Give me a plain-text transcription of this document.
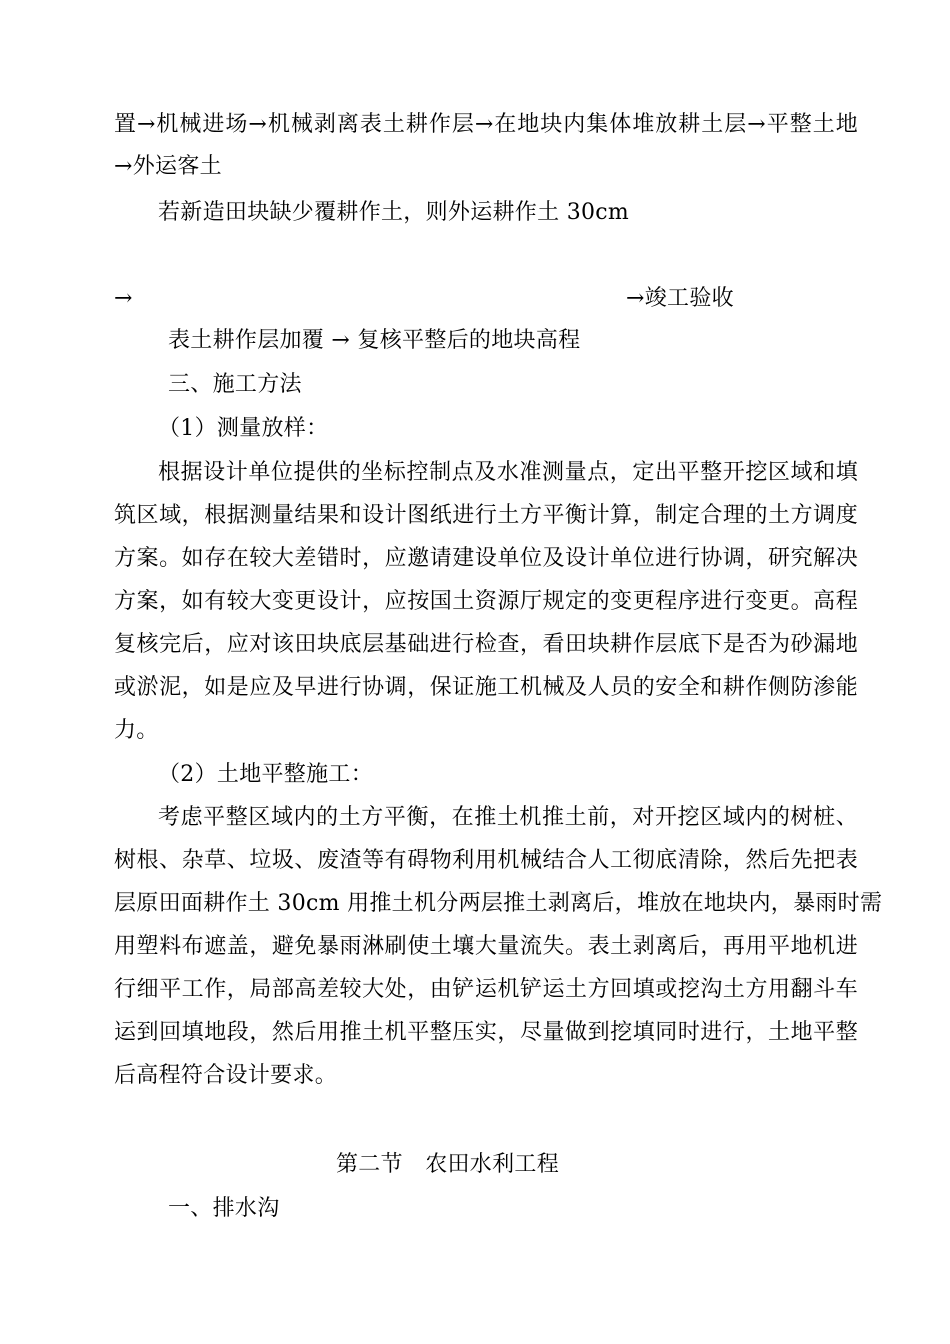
置→机械进场→机械剥离表土耕作层→在地块内集体堆放耕土层→平整土地
→外运客土
若新造田块缺少覆耕作土，则外运耕作土 30cm
→	→竣工验收
表土耕作层加覆 → 复核平整后的地块高程
三、施工方法
（1）测量放样：
根据设计单位提供的坐标控制点及水准测量点，定出平整开挖区域和填
筑区域，根据测量结果和设计图纸进行土方平衡计算，制定合理的土方调度
方案。如存在较大差错时，应邀请建设单位及设计单位进行协调，研究解决
方案，如有较大变更设计，应按国土资源厅规定的变更程序进行变更。高程
复核完后，应对该田块底层基础进行检查，看田块耕作层底下是否为砂漏地
或淤泥，如是应及早进行协调，保证施工机械及人员的安全和耕作侧防渗能
力。
（2）土地平整施工：
考虑平整区域内的土方平衡，在推土机推土前，对开挖区域内的树桩、
树根、杂草、垃圾、废渣等有碍物利用机械结合人工彻底清除，然后先把表
层原田面耕作土 30cm 用推土机分两层推土剥离后，堆放在地块内，暴雨时需
用塑料布遮盖，避免暴雨淋刷使土壤大量流失。表土剥离后，再用平地机进
行细平工作，局部高差较大处，由铲运机铲运土方回填或挖沟土方用翻斗车
运到回填地段，然后用推土机平整压实，尽量做到挖填同时进行，土地平整
后高程符合设计要求。
第二节　农田水利工程
一、排水沟
